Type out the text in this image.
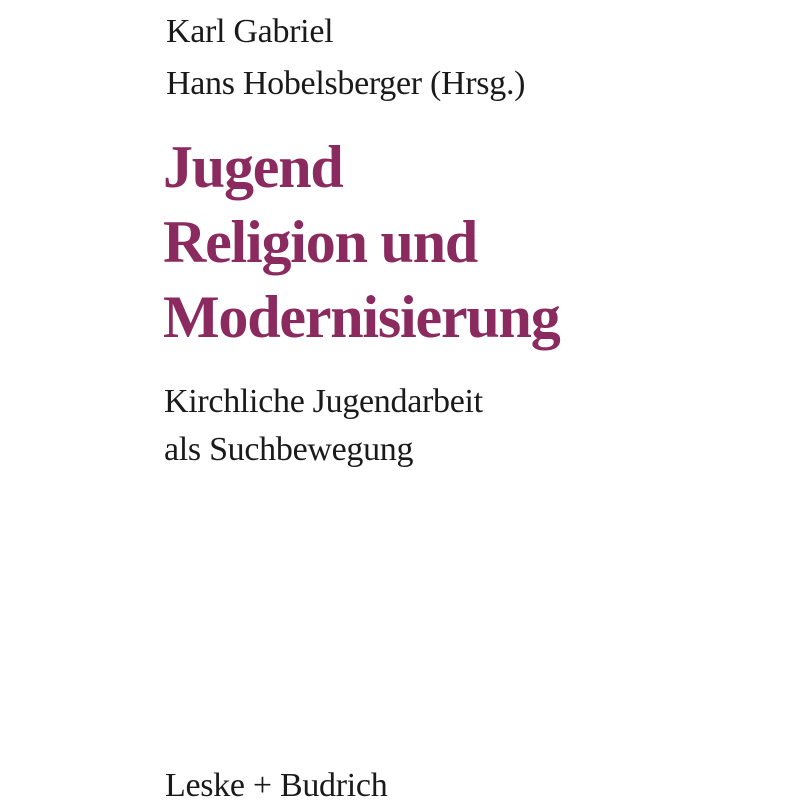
Karl Gabriel
Hans Hobelsberger (Hrsg.)
Jugend
Religion und
Modernisierung
Kirchliche Jugendarbeit
als Suchbewegung
Leske + Budrich
